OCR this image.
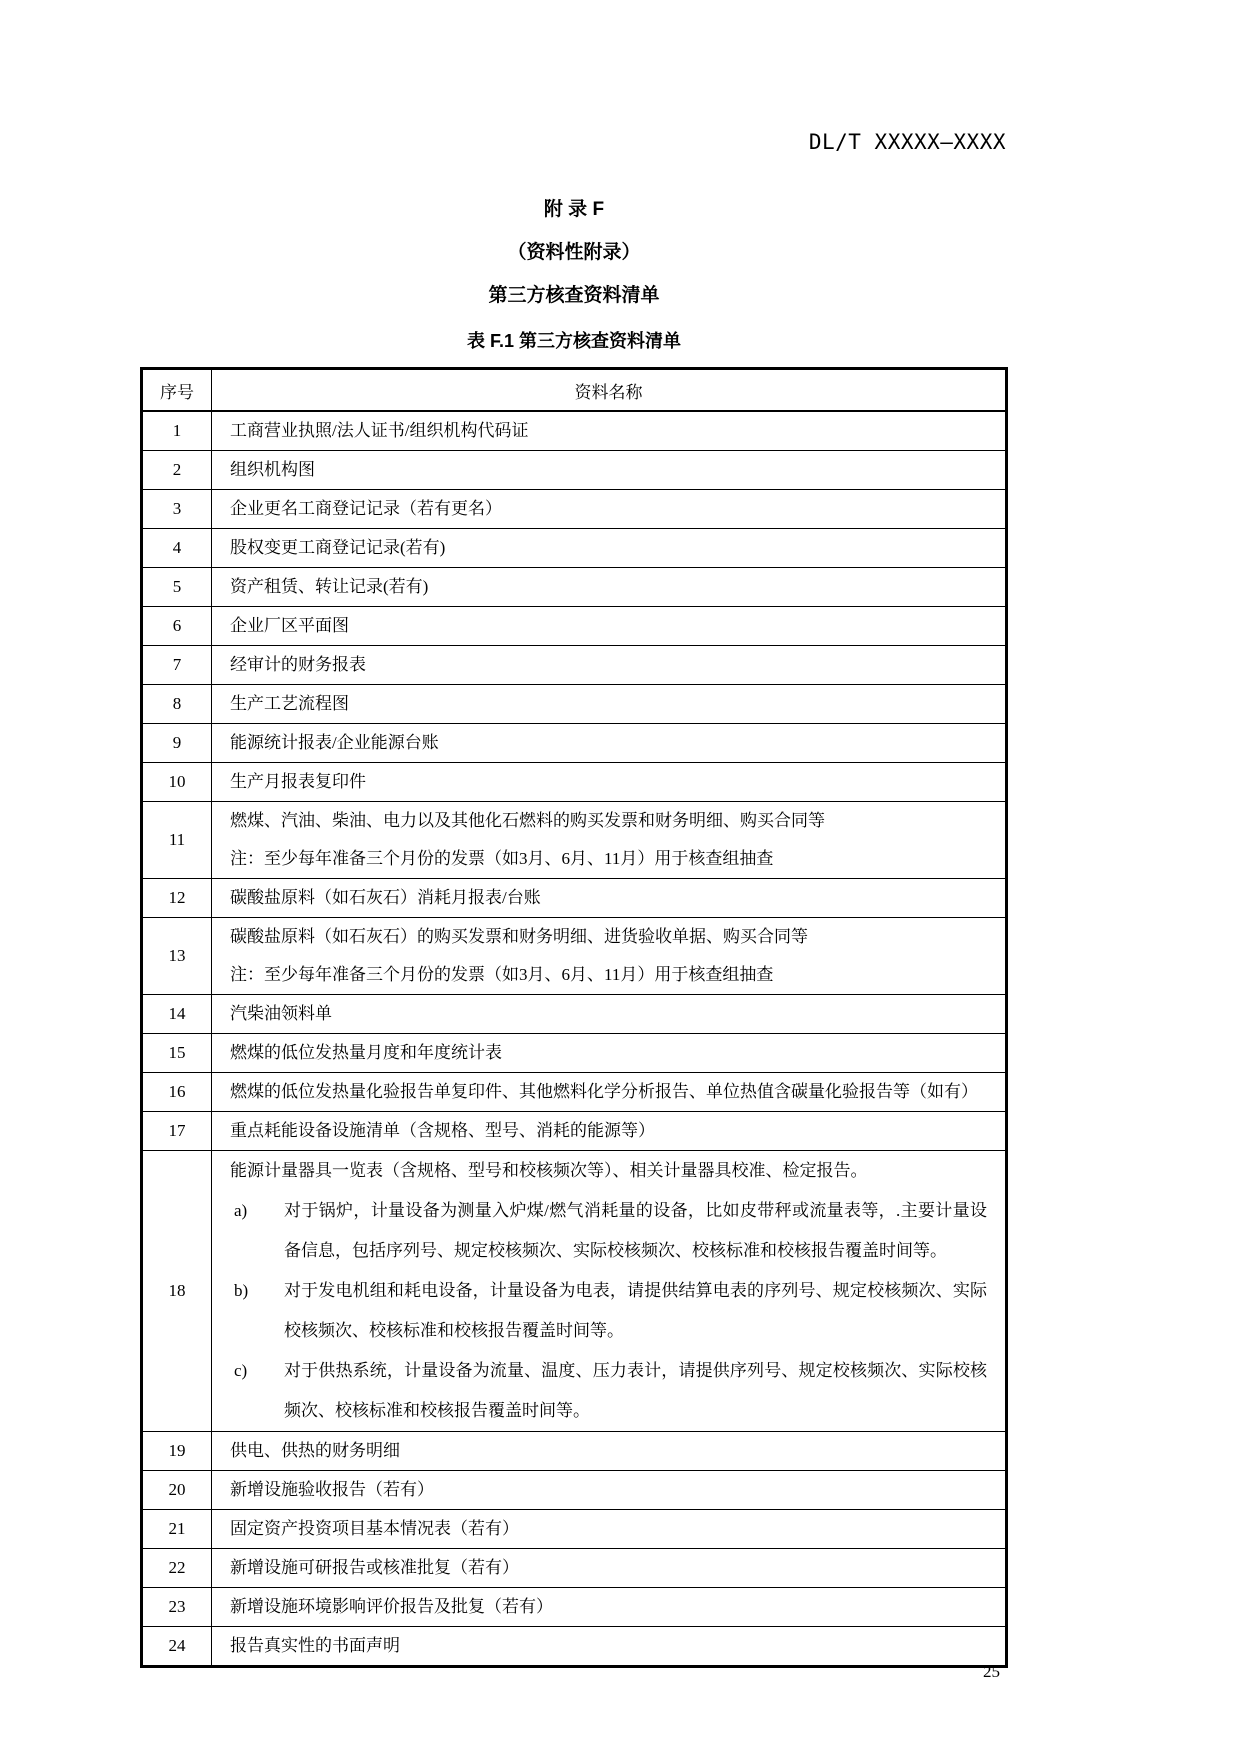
DL/T XXXXX—XXXX
附 录 F
（资料性附录）
第三方核查资料清单
表 F.1 第三方核查资料清单
序号	资料名称
1	工商营业执照/法人证书/组织机构代码证

2	组织机构图

3	企业更名工商登记记录（若有更名）

4	股权变更工商登记记录(若有)

5	资产租赁、转让记录(若有)

6	企业厂区平面图

7	经审计的财务报表

8	生产工艺流程图

9	能源统计报表/企业能源台账

10	生产月报表复印件

11	燃煤、汽油、柴油、电力以及其他化石燃料的购买发票和财务明细、购买合同等
注：至少每年准备三个月份的发票（如3月、6月、11月）用于核查组抽查

12	碳酸盐原料（如石灰石）消耗月报表/台账

13	碳酸盐原料（如石灰石）的购买发票和财务明细、进货验收单据、购买合同等
注：至少每年准备三个月份的发票（如3月、6月、11月）用于核查组抽查

14	汽柴油领料单

15	燃煤的低位发热量月度和年度统计表

16	燃煤的低位发热量化验报告单复印件、其他燃料化学分析报告、单位热值含碳量化验报告等（如有）

17	重点耗能设备设施清单（含规格、型号、消耗的能源等）

18	
能源计量器具一览表（含规格、型号和校核频次等）、相关计量器具校准、检定报告。
a)	对于锅炉，计量设备为测量入炉煤/燃气消耗量的设备，比如皮带秤或流量表等，.主要计量设备信息，包括序列号、规定校核频次、实际校核频次、校核标准和校核报告覆盖时间等。
b)	对于发电机组和耗电设备，计量设备为电表，请提供结算电表的序列号、规定校核频次、实际校核频次、校核标准和校核报告覆盖时间等。
c)	对于供热系统，计量设备为流量、温度、压力表计，请提供序列号、规定校核频次、实际校核频次、校核标准和校核报告覆盖时间等。

19	供电、供热的财务明细

20	新增设施验收报告（若有）

21	固定资产投资项目基本情况表（若有）

22	新增设施可研报告或核准批复（若有）

23	新增设施环境影响评价报告及批复（若有）

24	报告真实性的书面声明
25
